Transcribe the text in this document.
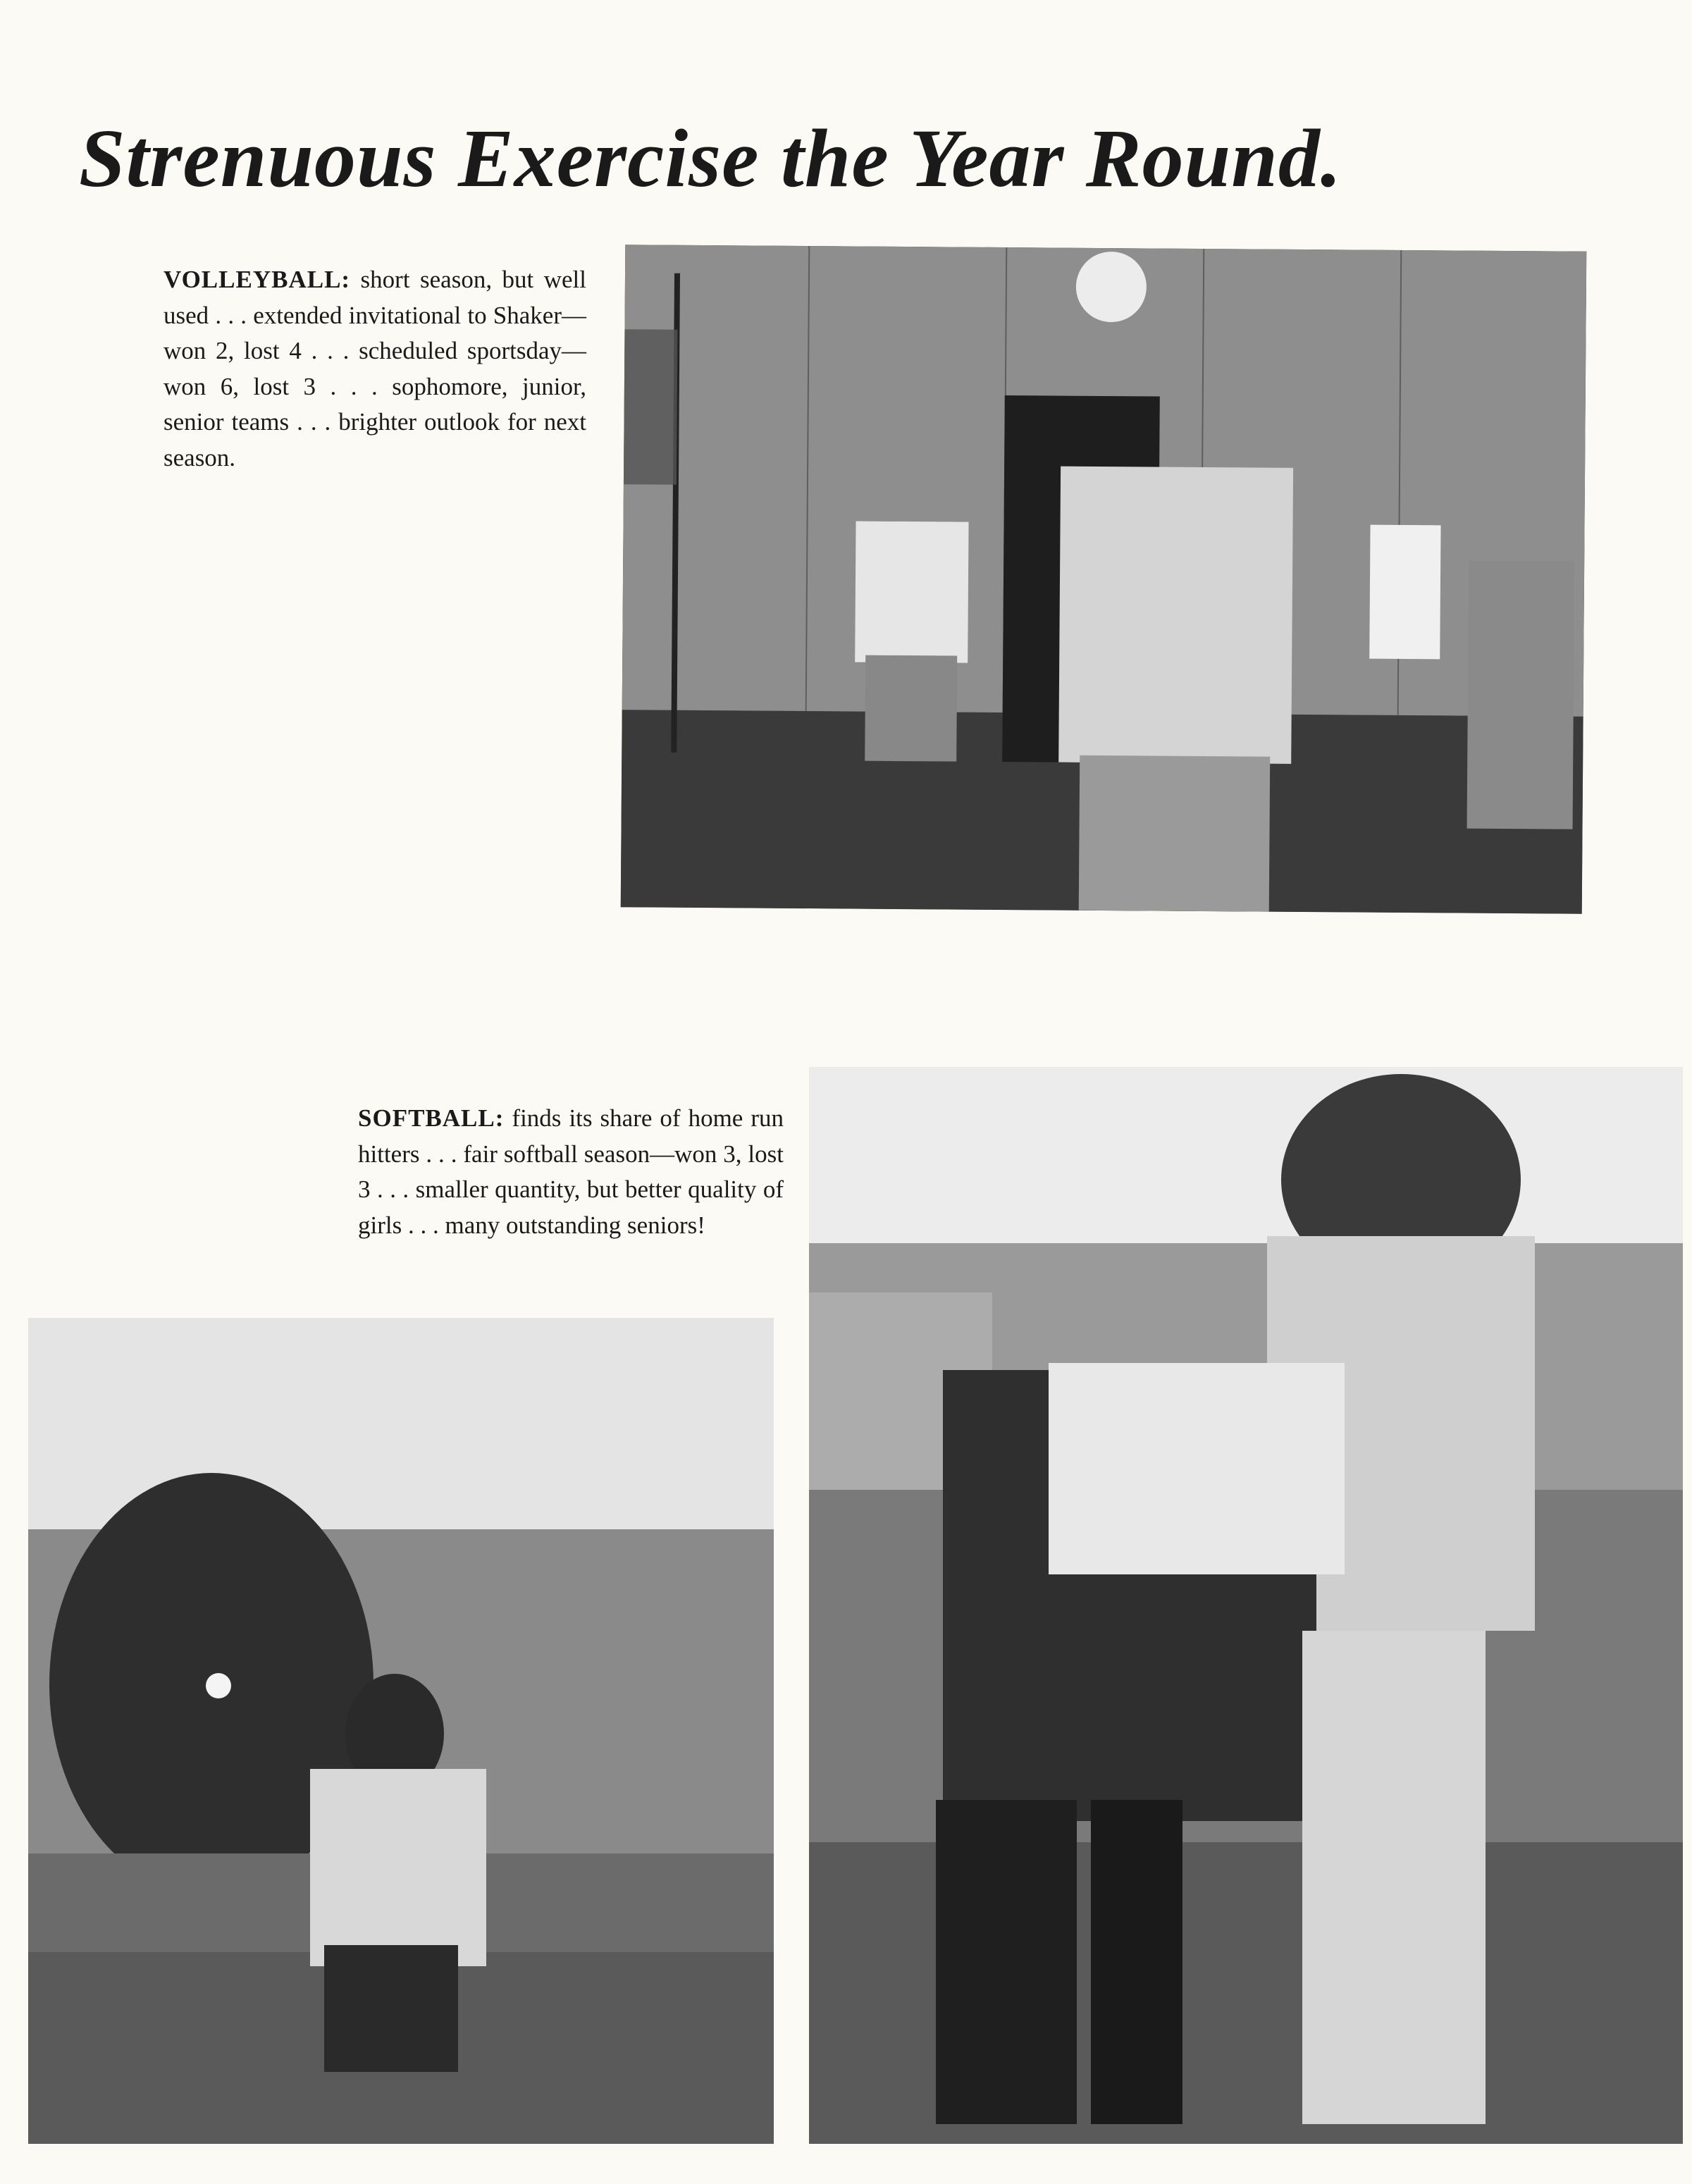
Strenuous Exercise the Year Round.
VOLLEYBALL: short season, but well used . . . extended invitational to Shaker—won 2, lost 4 . . . scheduled sportsday—won 6, lost 3 . . . sophomore, junior, senior teams . . . brighter outlook for next season.
SOFTBALL: finds its share of home run hitters . . . fair softball season—won 3, lost 3 . . . smaller quantity, but better quality of girls . . . many outstanding seniors!
